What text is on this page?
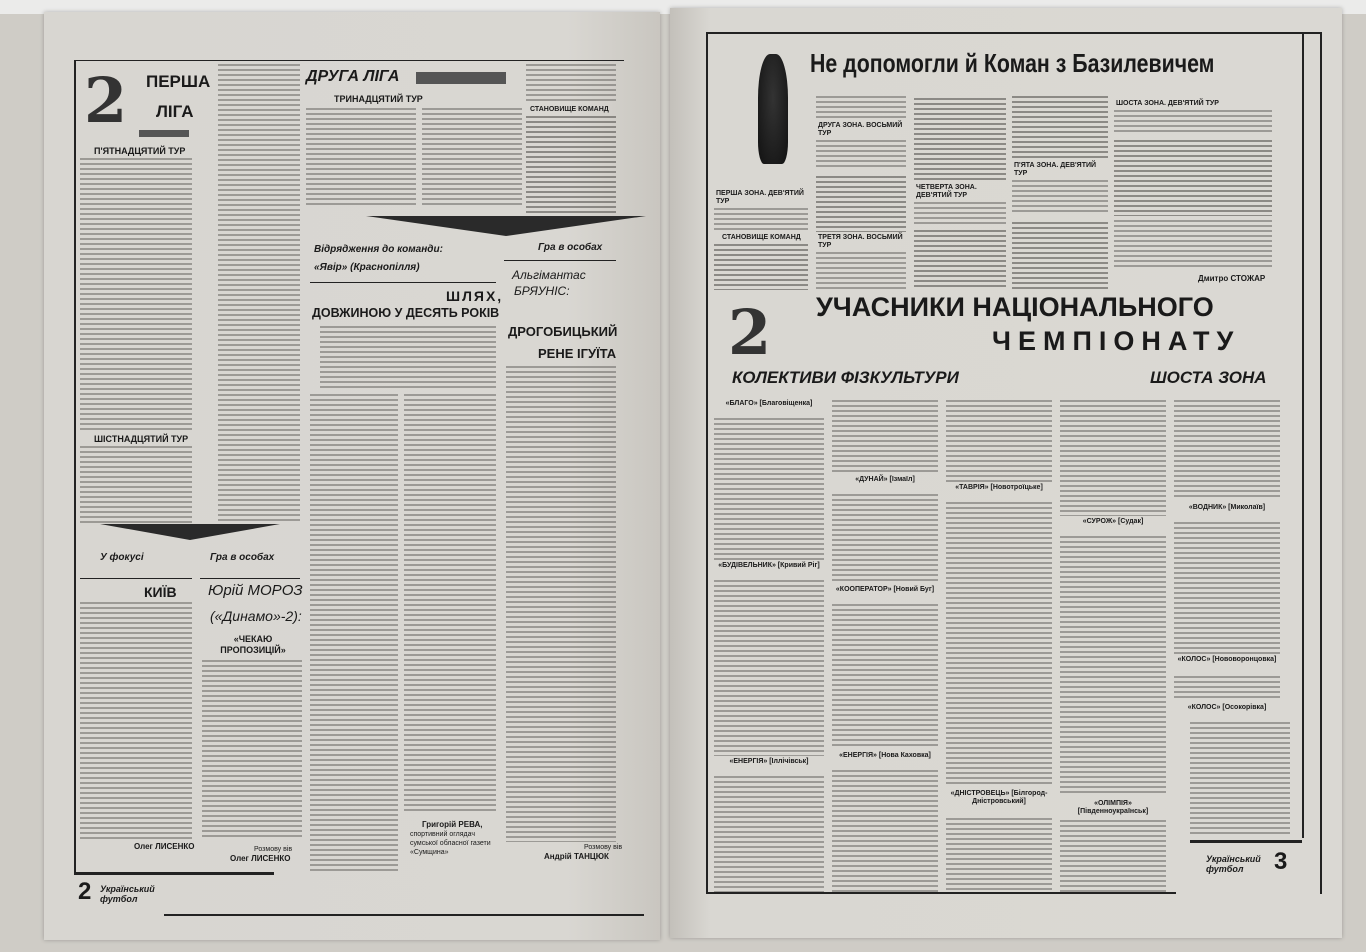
2 ПЕРША
ЛІГА
П'ЯТНАДЦЯТИЙ ТУР
ШІСТНАДЦЯТИЙ ТУР
ДРУГА ЛІГА
ТРИНАДЦЯТИЙ ТУР
СТАНОВИЩЕ КОМАНД
Відрядження до команди:
«Явір» (Краснопілля)
ШЛЯХ,
ДОВЖИНОЮ У ДЕСЯТЬ РОКІВ
Григорій РЕВА,
спортивний оглядач сумської обласної газети «Сумщина»
Гра в особах
Альгімантас
БРЯУНІС:
ДРОГОБИЦЬКИЙ
РЕНЕ ІГУЇТА
Розмову вів
Андрій ТАНЦЮК
У фокусі
КИЇВ
Олег ЛИСЕНКО
Гра в особах
Юрій МОРОЗ
(«Динамо»-2):
«ЧЕКАЮ ПРОПОЗИЦІЙ»
Розмову вів
Олег ЛИСЕНКО
2 Український футбол
Не допомогли й Коман з Базилевичем
ПЕРША ЗОНА. ДЕВ'ЯТИЙ ТУР
СТАНОВИЩЕ КОМАНД
ДРУГА ЗОНА. ВОСЬМИЙ ТУР
ТРЕТЯ ЗОНА. ВОСЬМИЙ ТУР
ЧЕТВЕРТА ЗОНА. ДЕВ'ЯТИЙ ТУР
П'ЯТА ЗОНА. ДЕВ'ЯТИЙ ТУР
ШОСТА ЗОНА. ДЕВ'ЯТИЙ ТУР
Дмитро СТОЖАР
2 УЧАСНИКИ НАЦІОНАЛЬНОГО
ЧЕМПІОНАТУ
КОЛЕКТИВИ ФІЗКУЛЬТУРИ	ШОСТА ЗОНА
«БЛАГО» [Благовіщенка]
«БУДІВЕЛЬНИК» [Кривий Ріг]
«ЕНЕРГІЯ» [Іллічівськ]
«ДУНАЙ» [Ізмаїл]
«КООПЕРАТОР» [Новий Буг]
«ЕНЕРГІЯ» [Нова Каховка]
«ТАВРІЯ» [Новотроїцьке]
«ДНІСТРОВЕЦЬ» [Білгород-Дністровський]
«СУРОЖ» [Судак]
«ОЛІМПІЯ» [Південноукраїнськ]
«ВОДНИК» [Миколаїв]
«КОЛОС» [Нововоронцовка]
«КОЛОС» [Осокорівка]
Український футбол	3
